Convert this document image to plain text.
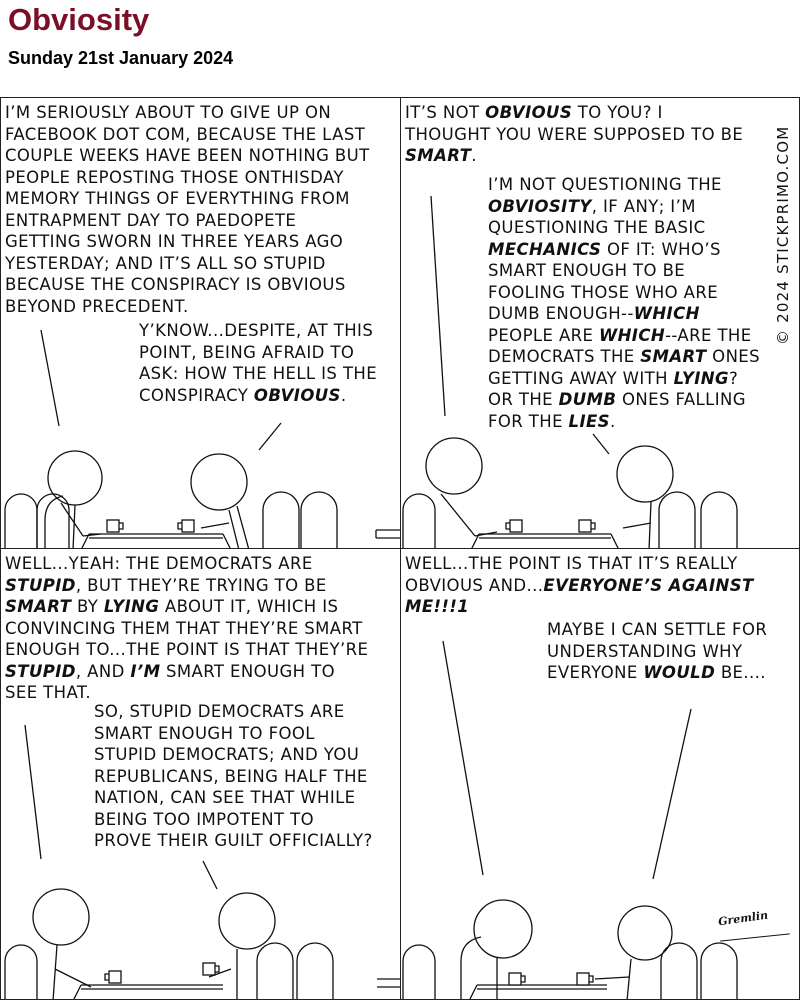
Obviosity
Sunday 21st January 2024
I’M SERIOUSLY ABOUT TO GIVE UP ON
FACEBOOK DOT COM, BECAUSE THE LAST
COUPLE WEEKS HAVE BEEN NOTHING BUT
PEOPLE REPOSTING THOSE ONTHISDAY
MEMORY THINGS OF EVERYTHING FROM
ENTRAPMENT DAY TO PAEDOPETE
GETTING SWORN IN THREE YEARS AGO
YESTERDAY; AND IT’S ALL SO STUPID
BECAUSE THE CONSPIRACY IS OBVIOUS
BEYOND PRECEDENT.
Y’KNOW...DESPITE, AT THIS
POINT, BEING AFRAID TO
ASK: HOW THE HELL IS THE
CONSPIRACY OBVIOUS.
IT’S NOT OBVIOUS TO YOU? I
THOUGHT YOU WERE SUPPOSED TO BE
SMART.
I’M NOT QUESTIONING THE
OBVIOSITY, IF ANY; I’M
QUESTIONING THE BASIC
MECHANICS OF IT: WHO’S
SMART ENOUGH TO BE
FOOLING THOSE WHO ARE
DUMB ENOUGH--WHICH
PEOPLE ARE WHICH--ARE THE
DEMOCRATS THE SMART ONES
GETTING AWAY WITH LYING?
OR THE DUMB ONES FALLING
FOR THE LIES.
WELL...YEAH: THE DEMOCRATS ARE
STUPID, BUT THEY’RE TRYING TO BE
SMART BY LYING ABOUT IT, WHICH IS
CONVINCING THEM THAT THEY’RE SMART
ENOUGH TO...THE POINT IS THAT THEY’RE
STUPID, AND I’M SMART ENOUGH TO
SEE THAT.
SO, STUPID DEMOCRATS ARE
SMART ENOUGH TO FOOL
STUPID DEMOCRATS; AND YOU
REPUBLICANS, BEING HALF THE
NATION, CAN SEE THAT WHILE
BEING TOO IMPOTENT TO
PROVE THEIR GUILT OFFICIALLY?
WELL...THE POINT IS THAT IT’S REALLY
OBVIOUS AND...EVERYONE’S AGAINST
ME!!!1
MAYBE I CAN SETTLE FOR
UNDERSTANDING WHY
EVERYONE WOULD BE....
© 2024 STICKPRIMO.COM
Gremlin
